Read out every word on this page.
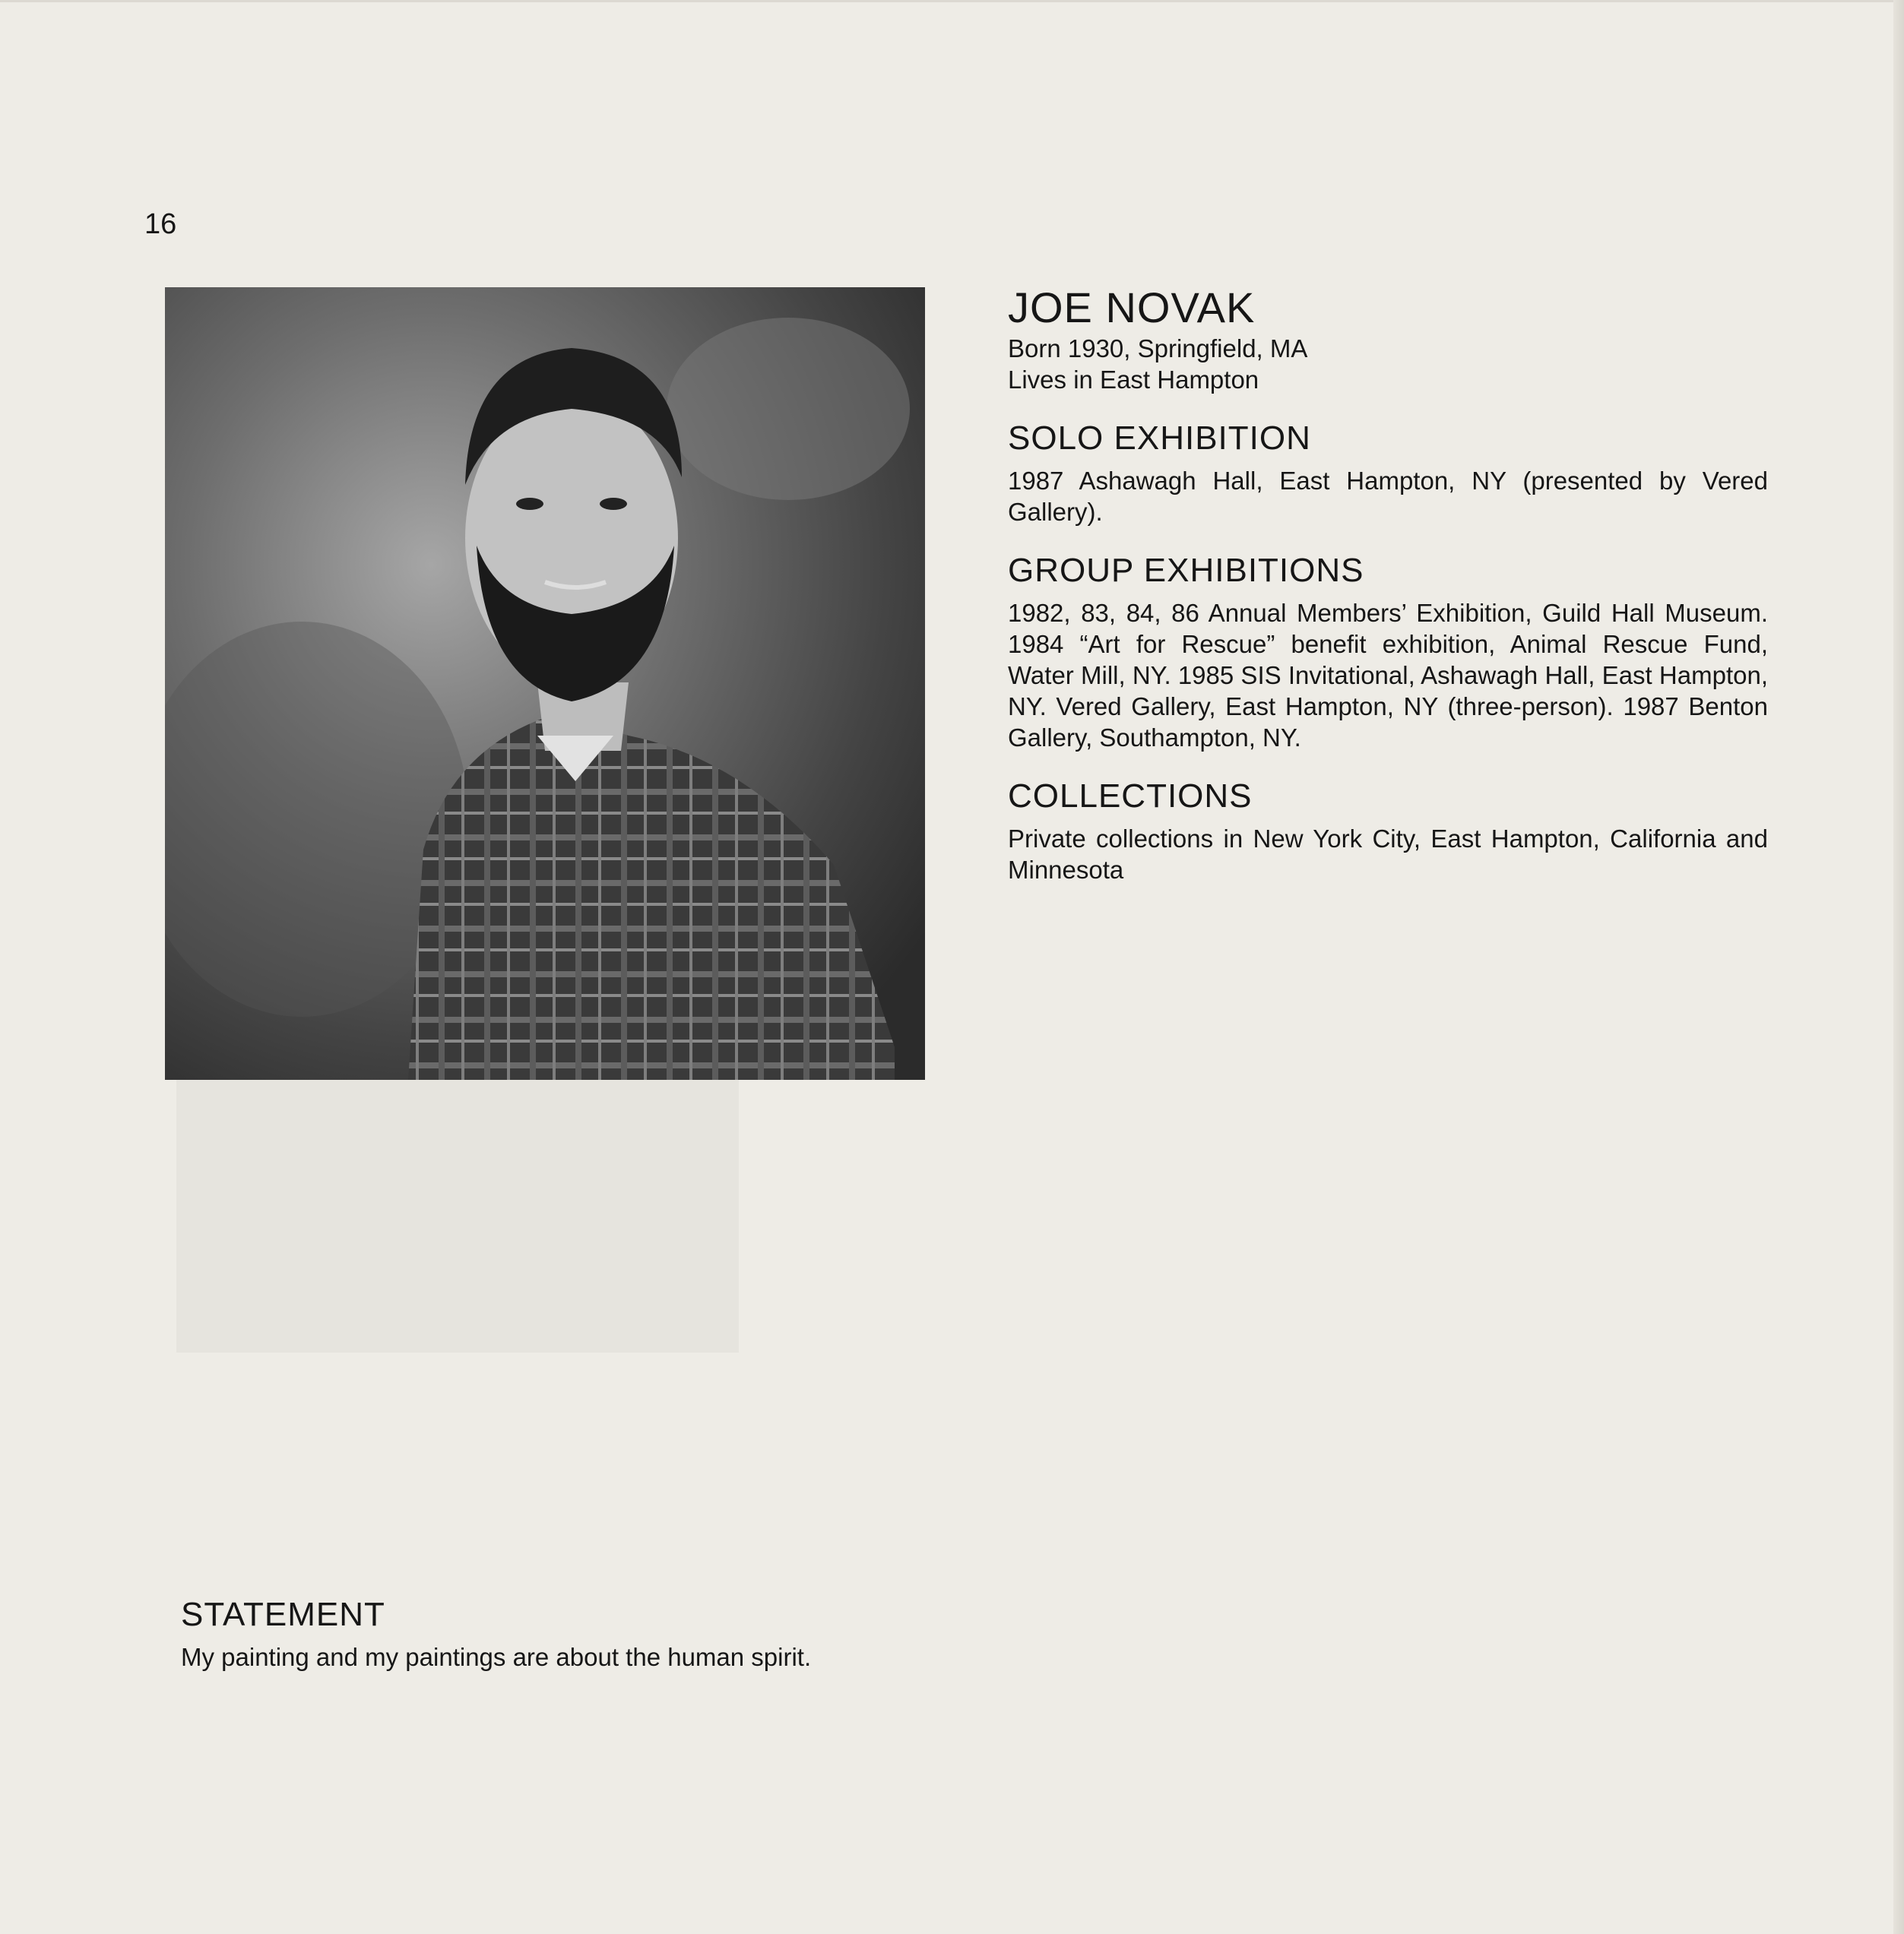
16
JOE NOVAK

Born 1930, Springfield, MA

Lives in East Hampton

SOLO EXHIBITION

1987 Ashawagh Hall, East Hampton, NY (presented by Vered Gallery).

GROUP EXHIBITIONS

1982, 83, 84, 86 Annual Members’ Exhibition, Guild Hall Museum. 1984 “Art for Rescue” benefit exhibition, Animal Rescue Fund, Water Mill, NY. 1985 SIS Invitational, Ashawagh Hall, East Hampton, NY. Vered Gallery, East Hampton, NY (three-person). 1987 Benton Gallery, Southampton, NY.

COLLECTIONS

Private collections in New York City, East Hampton, California and Minnesota

STATEMENT

My painting and my paintings are about the human spirit.
